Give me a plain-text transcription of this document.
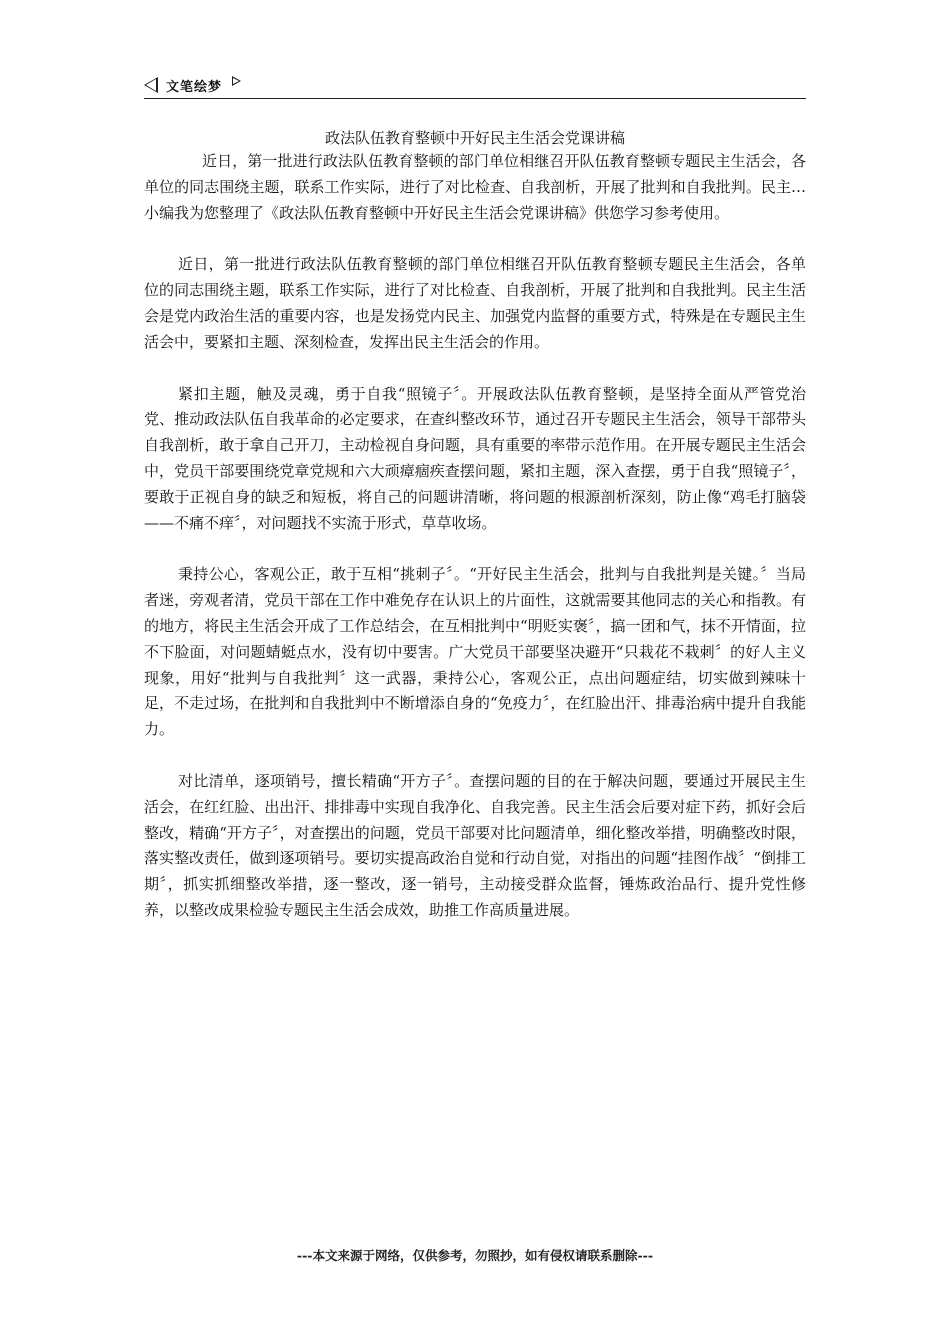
文笔绘梦
政法队伍教育整顿中开好民主生活会党课讲稿

近日，第一批进行政法队伍教育整顿的部门单位相继召开队伍教育整顿专题民主生活会，各单位的同志围绕主题，联系工作实际，进行了对比检查、自我剖析，开展了批判和自我批判。民主…小编我为您整理了《政法队伍教育整顿中开好民主生活会党课讲稿》供您学习参考使用。

近日，第一批进行政法队伍教育整顿的部门单位相继召开队伍教育整顿专题民主生活会，各单位的同志围绕主题，联系工作实际，进行了对比检查、自我剖析，开展了批判和自我批判。民主生活会是党内政治生活的重要内容，也是发扬党内民主、加强党内监督的重要方式，特殊是在专题民主生活会中，要紧扣主题、深刻检查，发挥出民主生活会的作用。

紧扣主题，触及灵魂，勇于自我“照镜子〞。开展政法队伍教育整顿，是坚持全面从严管党治党、推动政法队伍自我革命的必定要求，在查纠整改环节，通过召开专题民主生活会，领导干部带头自我剖析，敢于拿自己开刀，主动检视自身问题，具有重要的率带示范作用。在开展专题民主生活会中，党员干部要围绕党章党规和六大顽瘴痼疾查摆问题，紧扣主题，深入查摆，勇于自我“照镜子〞，要敢于正视自身的缺乏和短板，将自己的问题讲清晰，将问题的根源剖析深刻，防止像“鸡毛打脑袋——不痛不痒〞，对问题找不实流于形式，草草收场。

秉持公心，客观公正，敢于互相“挑刺子〞。“开好民主生活会，批判与自我批判是关键。〞当局者迷，旁观者清，党员干部在工作中难免存在认识上的片面性，这就需要其他同志的关心和指教。有的地方，将民主生活会开成了工作总结会，在互相批判中“明贬实褒〞，搞一团和气，抹不开情面，拉不下脸面，对问题蜻蜓点水，没有切中要害。广大党员干部要坚决避开“只栽花不栽刺〞的好人主义现象，用好“批判与自我批判〞这一武器，秉持公心，客观公正，点出问题症结，切实做到辣味十足，不走过场，在批判和自我批判中不断增添自身的“免疫力〞，在红脸出汗、排毒治病中提升自我能力。

对比清单，逐项销号，擅长精确“开方子〞。查摆问题的目的在于解决问题，要通过开展民主生活会，在红红脸、出出汗、排排毒中实现自我净化、自我完善。民主生活会后要对症下药，抓好会后整改，精确“开方子〞，对查摆出的问题，党员干部要对比问题清单，细化整改举措，明确整改时限，落实整改责任，做到逐项销号。要切实提高政治自觉和行动自觉，对指出的问题“挂图作战〞“倒排工期〞，抓实抓细整改举措，逐一整改，逐一销号，主动接受群众监督，锤炼政治品行、提升党性修养，以整改成果检验专题民主生活会成效，助推工作高质量进展。

---本文来源于网络，仅供参考，勿照抄，如有侵权请联系删除---
